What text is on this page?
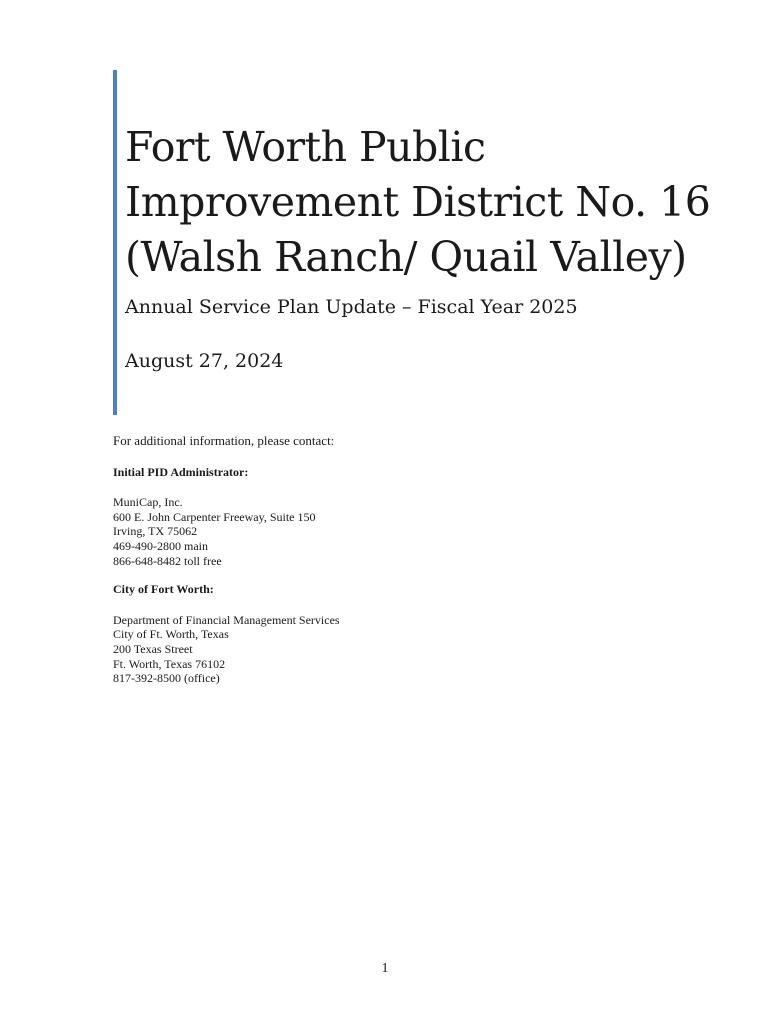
Fort Worth Public
Improvement District No. 16
(Walsh Ranch/ Quail Valley)

Annual Service Plan Update – Fiscal Year 2025

August 27, 2024

For additional information, please contact:

Initial PID Administrator:

MuniCap, Inc.

600 E. John Carpenter Freeway, Suite 150

Irving, TX 75062

469-490-2800 main

866-648-8482 toll free

City of Fort Worth:

Department of Financial Management Services

City of Ft. Worth, Texas

200 Texas Street

Ft. Worth, Texas 76102

817-392-8500 (office)

1
